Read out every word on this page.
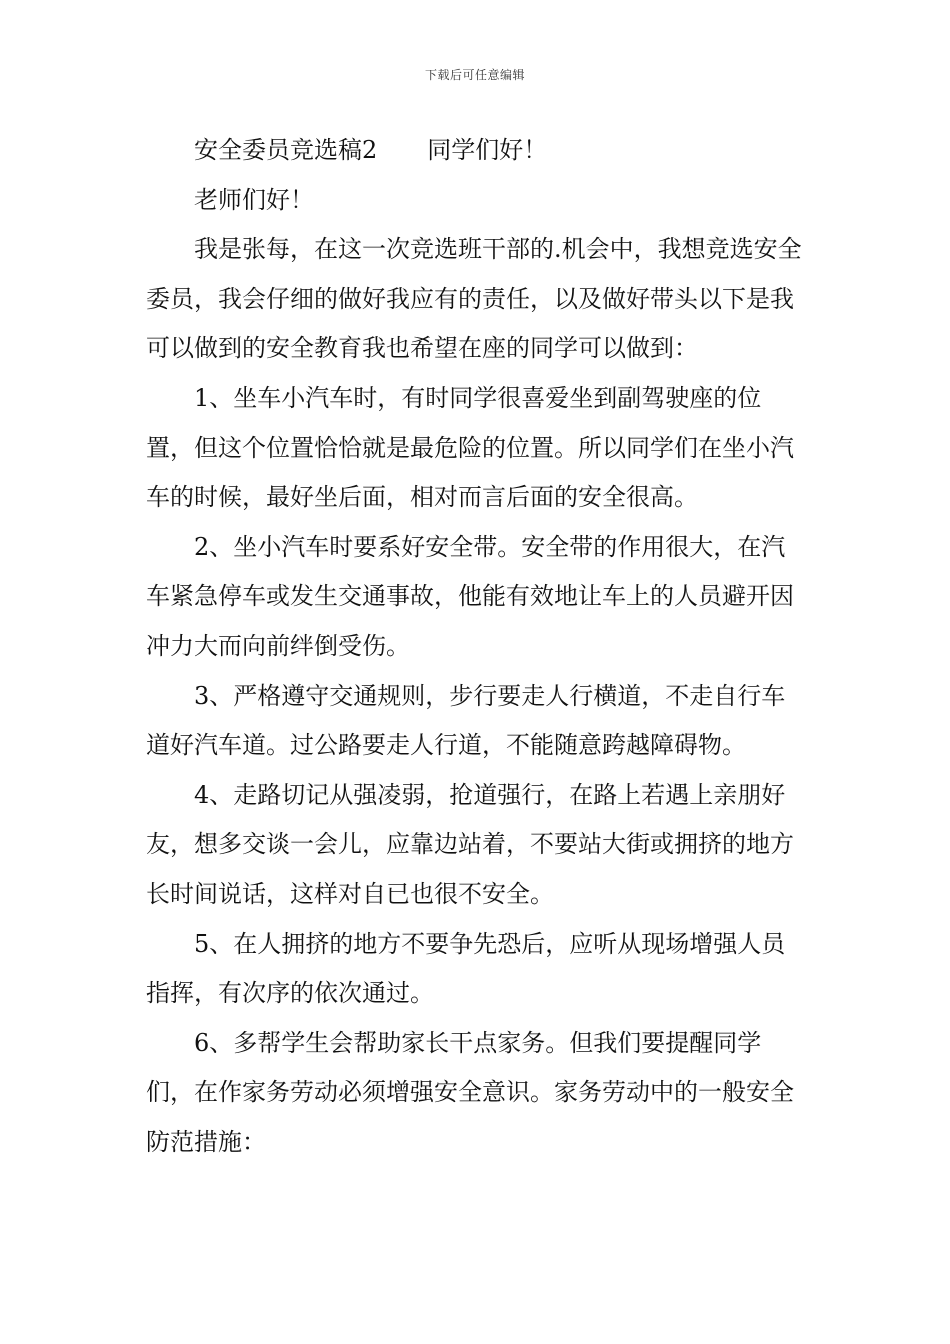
下载后可任意编辑

安全委员竞选稿2 同学们好！

老师们好！

我是张每，在这一次竞选班干部的.机会中，我想竞选安全委员，我会仔细的做好我应有的责任，以及做好带头以下是我可以做到的安全教育我也希望在座的同学可以做到：

1、坐车小汽车时，有时同学很喜爱坐到副驾驶座的位置，但这个位置恰恰就是最危险的位置。所以同学们在坐小汽车的时候，最好坐后面，相对而言后面的安全很高。

2、坐小汽车时要系好安全带。安全带的作用很大，在汽车紧急停车或发生交通事故，他能有效地让车上的人员避开因冲力大而向前绊倒受伤。

3、严格遵守交通规则，步行要走人行横道，不走自行车道好汽车道。过公路要走人行道，不能随意跨越障碍物。

4、走路切记从强凌弱，抢道强行，在路上若遇上亲朋好友，想多交谈一会儿，应靠边站着，不要站大街或拥挤的地方长时间说话，这样对自已也很不安全。

5、在人拥挤的地方不要争先恐后，应听从现场增强人员指挥，有次序的依次通过。

6、多帮学生会帮助家长干点家务。但我们要提醒同学们，在作家务劳动必须增强安全意识。家务劳动中的一般安全防范措施：
